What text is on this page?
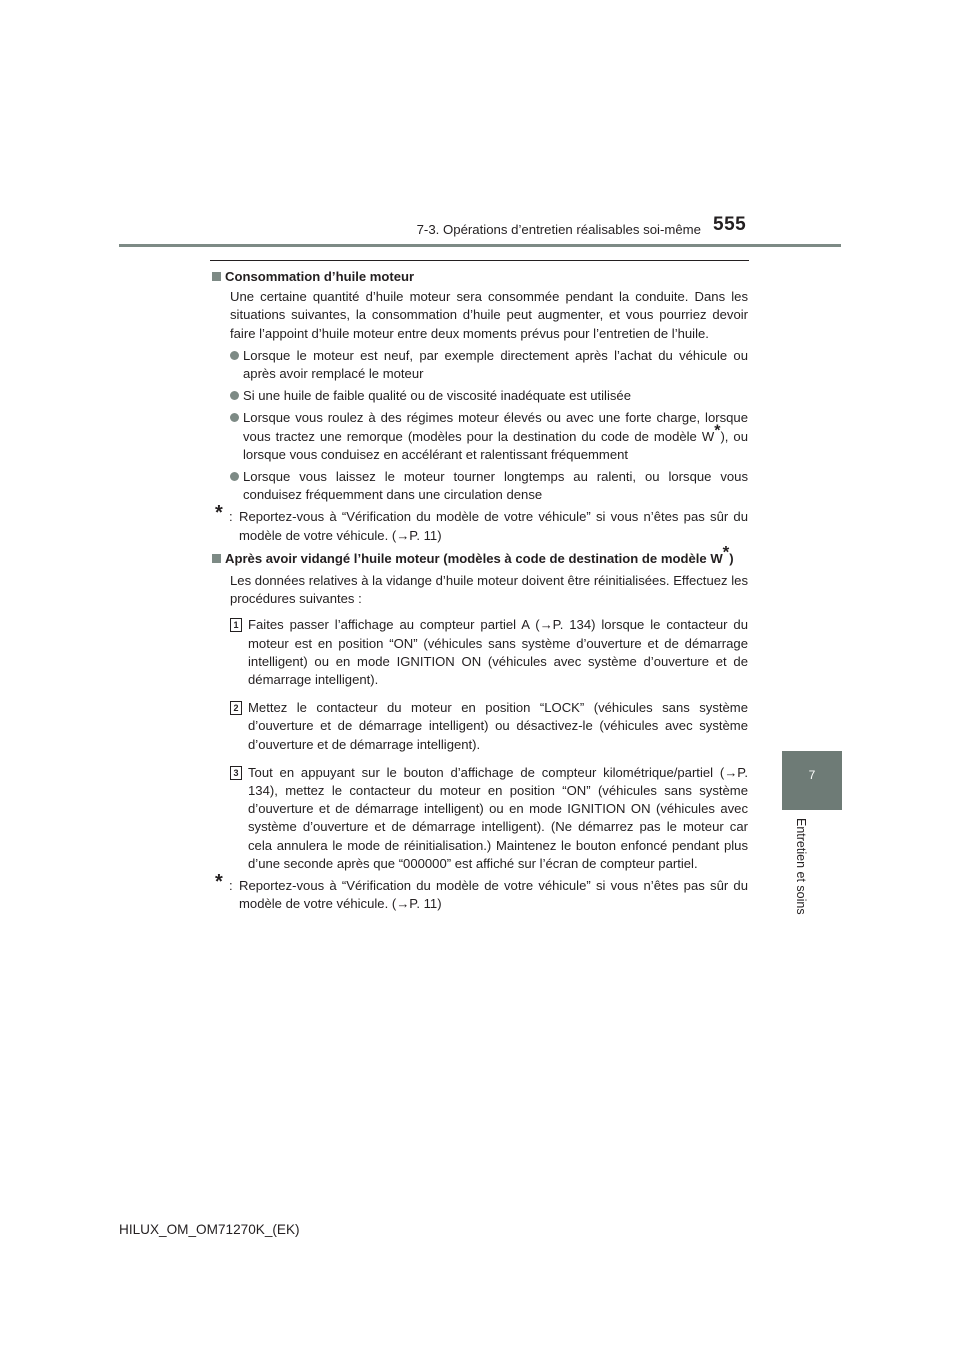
7-3. Opérations d’entretien réalisables soi-même 555
7
Entretien et soins
Consommation d’huile moteur
Une certaine quantité d’huile moteur sera consommée pendant la conduite. Dans les situations suivantes, la consommation d’huile peut augmenter, et vous pourriez devoir faire l’appoint d’huile moteur entre deux moments prévus pour l’entretien de l’huile.
Lorsque le moteur est neuf, par exemple directement après l’achat du véhicule ou après avoir remplacé le moteur
Si une huile de faible qualité ou de viscosité inadéquate est utilisée
Lorsque vous roulez à des régimes moteur élevés ou avec une forte charge, lorsque vous tractez une remorque (modèles pour la destination du code de modèle W*), ou lorsque vous conduisez en accélérant et ralentissant fréquemment
Lorsque vous laissez le moteur tourner longtemps au ralenti, ou lorsque vous conduisez fréquemment dans une circulation dense
* : Reportez-vous à “Vérification du modèle de votre véhicule” si vous n’êtes pas sûr du modèle de votre véhicule. (→P. 11)
Après avoir vidangé l’huile moteur (modèles à code de destination de modèle W*)
Les données relatives à la vidange d’huile moteur doivent être réinitialisées. Effectuez les procédures suivantes :
1 Faites passer l’affichage au compteur partiel A (→P. 134) lorsque le contacteur du moteur est en position “ON” (véhicules sans système d’ouverture et de démarrage intelligent) ou en mode IGNITION ON (véhicules avec système d’ouverture et de démarrage intelligent).
2 Mettez le contacteur du moteur en position “LOCK” (véhicules sans système d’ouverture et de démarrage intelligent) ou désactivez-le (véhicules avec système d’ouverture et de démarrage intelligent).
3 Tout en appuyant sur le bouton d’affichage de compteur kilométrique/partiel (→P. 134), mettez le contacteur du moteur en position “ON” (véhicules sans système d’ouverture et de démarrage intelligent) ou en mode IGNITION ON (véhicules avec système d’ouverture et de démarrage intelligent). (Ne démarrez pas le moteur car cela annulera le mode de réinitialisation.) Maintenez le bouton enfoncé pendant plus d’une seconde après que “000000” est affiché sur l’écran de compteur partiel.
* : Reportez-vous à “Vérification du modèle de votre véhicule” si vous n’êtes pas sûr du modèle de votre véhicule. (→P. 11)
HILUX_OM_OM71270K_(EK)
